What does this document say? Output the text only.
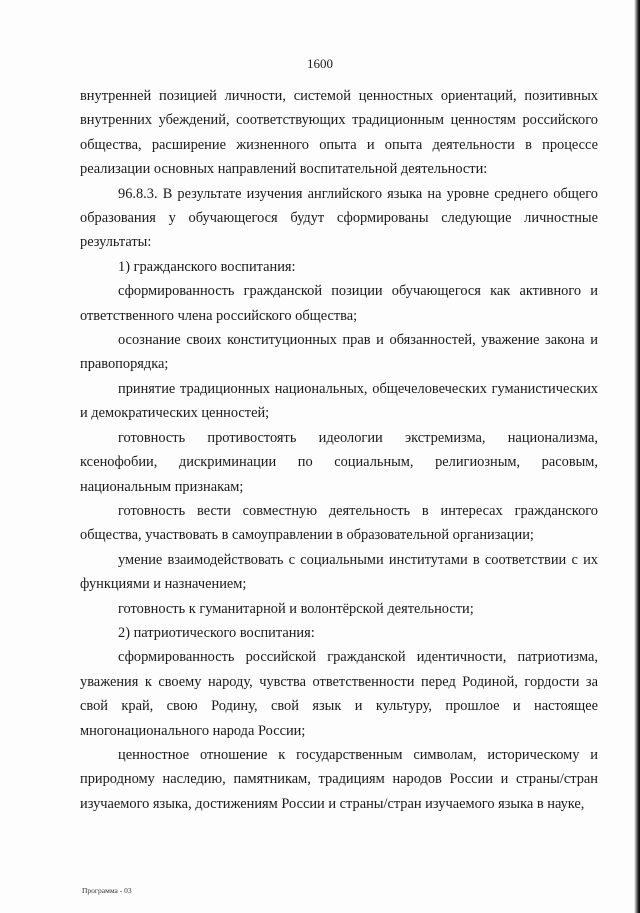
1600

внутренней позицией личности, системой ценностных ориентаций, позитивных внутренних убеждений, соответствующих традиционным ценностям российского общества, расширение жизненного опыта и опыта деятельности в процессе реализации основных направлений воспитательной деятельности:

96.8.3. В результате изучения английского языка на уровне среднего общего образования у обучающегося будут сформированы следующие личностные результаты:

1) гражданского воспитания:

сформированность гражданской позиции обучающегося как активного и ответственного члена российского общества;

осознание своих конституционных прав и обязанностей, уважение закона и правопорядка;

принятие традиционных национальных, общечеловеческих гуманистических и демократических ценностей;

готовность противостоять идеологии экстремизма, национализма, ксенофобии, дискриминации по социальным, религиозным, расовым, национальным признакам;

готовность вести совместную деятельность в интересах гражданского общества, участвовать в самоуправлении в образовательной организации;

умение взаимодействовать с социальными институтами в соответствии с их функциями и назначением;

готовность к гуманитарной и волонтёрской деятельности;

2) патриотического воспитания:

сформированность российской гражданской идентичности, патриотизма, уважения к своему народу, чувства ответственности перед Родиной, гордости за свой край, свою Родину, свой язык и культуру, прошлое и настоящее многонационального народа России;

ценностное отношение к государственным символам, историческому и природному наследию, памятникам, традициям народов России и страны/стран изучаемого языка, достижениям России и страны/стран изучаемого языка в науке,

Программа - 03
